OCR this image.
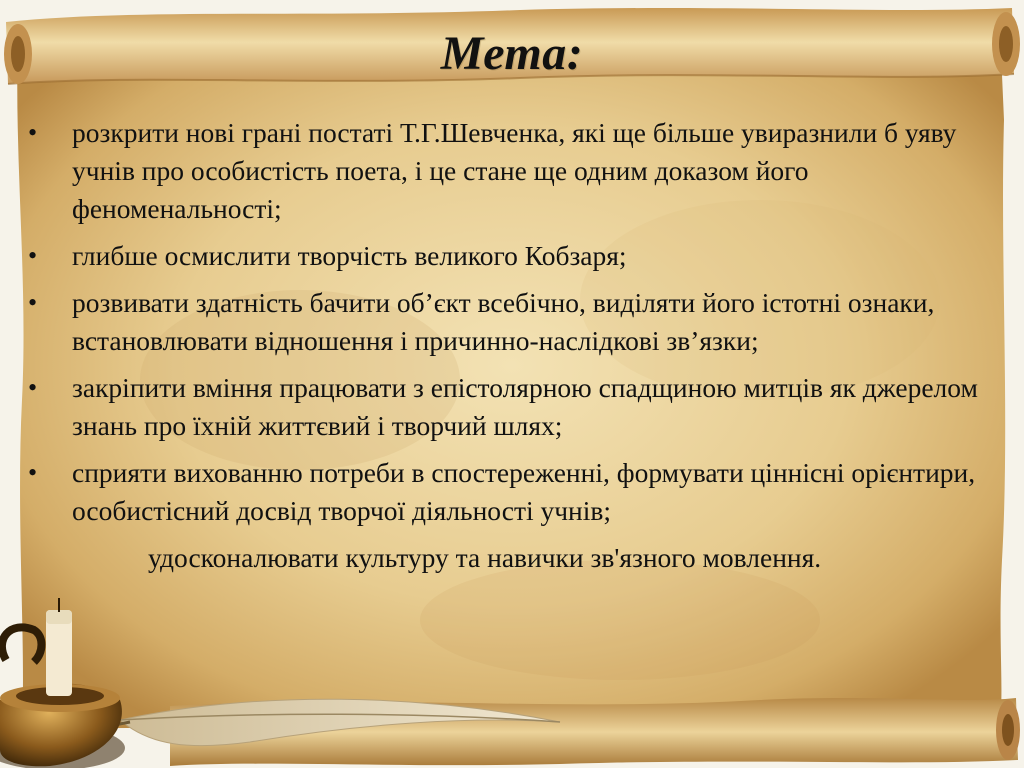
Мета:
•	розкрити нові грані постаті Т.Г.Шевченка, які ще більше увиразнили б уяву учнів про особистість поета, і це стане ще одним доказом його феноменальності;
•	глибше осмислити творчість великого Кобзаря;
•	розвивати здатність бачити об’єкт всебічно, виділяти його істотні ознаки, встановлювати відношення і причинно-наслідкові зв’язки;
•	закріпити вміння працювати з епістолярною спадщиною митців як джерелом знань про їхній життєвий і творчий шлях;
•	сприяти вихованню потреби в спостереженні, формувати ціннісні орієнтири, особистісний досвід творчої діяльності учнів;
удосконалювати культуру та навички зв'язного мовлення.
